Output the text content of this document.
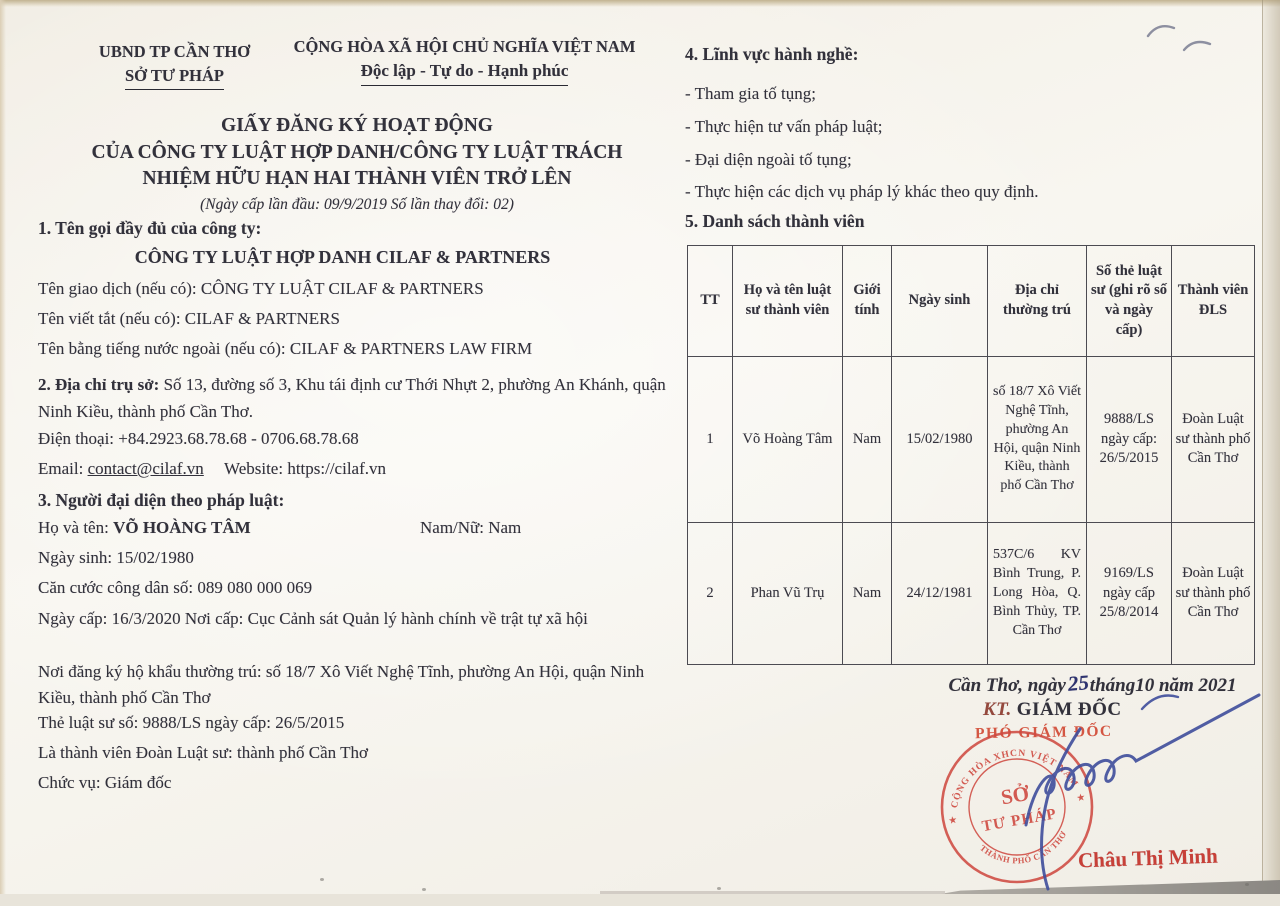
UBND TP CẦN THƠ
SỞ TƯ PHÁP
CỘNG HÒA XÃ HỘI CHỦ NGHĨA VIỆT NAM
Độc lập - Tự do - Hạnh phúc
GIẤY ĐĂNG KÝ HOẠT ĐỘNG
CỦA CÔNG TY LUẬT HỢP DANH/CÔNG TY LUẬT TRÁCH
NHIỆM HỮU HẠN HAI THÀNH VIÊN TRỞ LÊN
(Ngày cấp lần đầu: 09/9/2019 Số lần thay đổi: 02)
1. Tên gọi đầy đủ của công ty:
CÔNG TY LUẬT HỢP DANH CILAF & PARTNERS
Tên giao dịch (nếu có): CÔNG TY LUẬT CILAF & PARTNERS
Tên viết tắt (nếu có): CILAF & PARTNERS
Tên bằng tiếng nước ngoài (nếu có): CILAF & PARTNERS LAW FIRM
2. Địa chỉ trụ sở: Số 13, đường số 3, Khu tái định cư Thới Nhựt 2, phường An Khánh, quận Ninh Kiều, thành phố Cần Thơ.
Điện thoại: +84.2923.68.78.68 - 0706.68.78.68
Email: contact@cilaf.vn Website: https://cilaf.vn
3. Người đại diện theo pháp luật:
Họ và tên: VÕ HOÀNG TÂM	Nam/Nữ: Nam
Ngày sinh: 15/02/1980
Căn cước công dân số: 089 080 000 069
Ngày cấp: 16/3/2020 Nơi cấp: Cục Cảnh sát Quản lý hành chính về trật tự xã hội
Nơi đăng ký hộ khẩu thường trú: số 18/7 Xô Viết Nghệ Tĩnh, phường An Hội, quận Ninh Kiều, thành phố Cần Thơ
Thẻ luật sư số: 9888/LS ngày cấp: 26/5/2015
Là thành viên Đoàn Luật sư: thành phố Cần Thơ
Chức vụ: Giám đốc
4. Lĩnh vực hành nghề:
- Tham gia tố tụng;
- Thực hiện tư vấn pháp luật;
- Đại diện ngoài tố tụng;
- Thực hiện các dịch vụ pháp lý khác theo quy định.
5. Danh sách thành viên
TT	Họ và tên luật sư thành viên	Giới tính	Ngày sinh	Địa chỉ thường trú	Số thẻ luật sư (ghi rõ số và ngày cấp)	Thành viên ĐLS
1	Võ Hoàng Tâm	Nam	15/02/1980	số 18/7 Xô Viết Nghệ Tĩnh, phường An Hội, quận Ninh Kiều, thành phố Cần Thơ	9888/LS ngày cấp: 26/5/2015	Đoàn Luật sư thành phố Cần Thơ
2	Phan Vũ Trụ	Nam	24/12/1981	537C/6 KV Bình Trung, P. Long Hòa, Q. Bình Thủy, TP. Cần Thơ	9169/LS ngày cấp 25/8/2014	Đoàn Luật sư thành phố Cần Thơ
Cần Thơ, ngày25tháng10 năm 2021
KT. GIÁM ĐỐC
PHÓ GIÁM ĐỐC
CỘNG HÒA XHCN VIỆT NAM
THÀNH PHỐ CẦN THƠ
★
★
SỞ
TƯ PHÁP
Châu Thị Minh
